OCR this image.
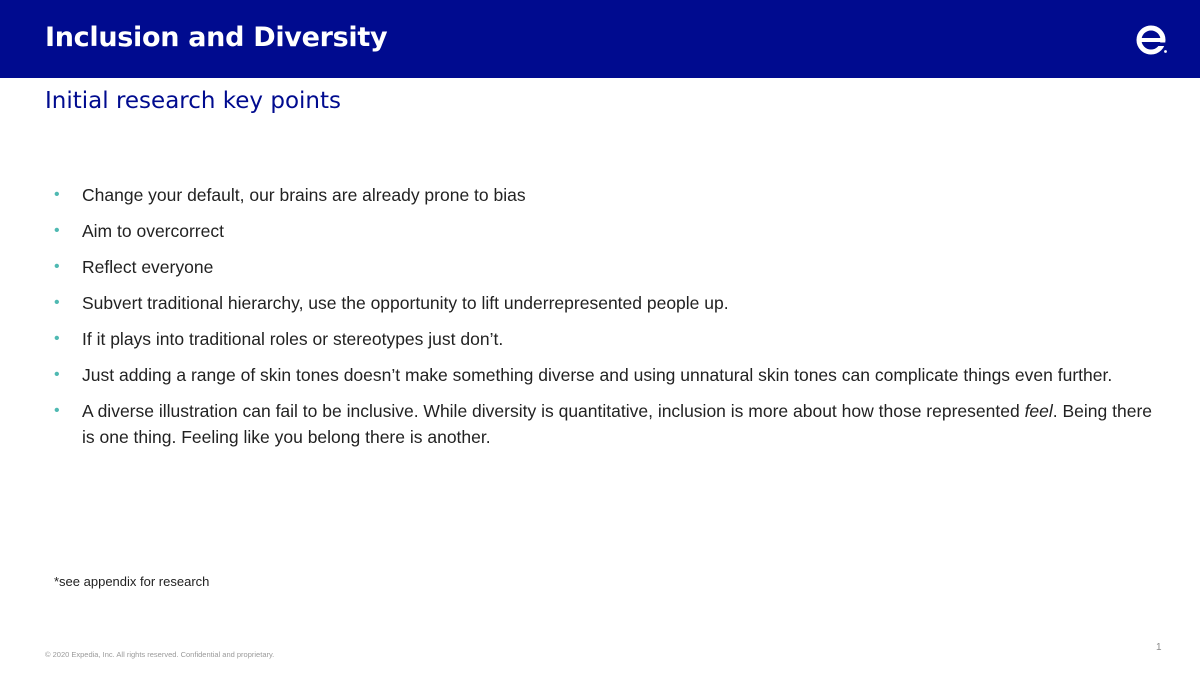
Inclusion and Diversity
Initial research key points
• Change your default, our brains are already prone to bias
• Aim to overcorrect
• Reflect everyone
• Subvert traditional hierarchy, use the opportunity to lift underrepresented people up.
• If it plays into traditional roles or stereotypes just don’t.
• Just adding a range of skin tones doesn’t make something diverse and using unnatural skin tones can complicate things even further.
• A diverse illustration can fail to be inclusive. While diversity is quantitative, inclusion is more about how those represented feel. Being there is one thing. Feeling like you belong there is another.
*see appendix for research
© 2020 Expedia, Inc. All rights reserved. Confidential and proprietary.
1
